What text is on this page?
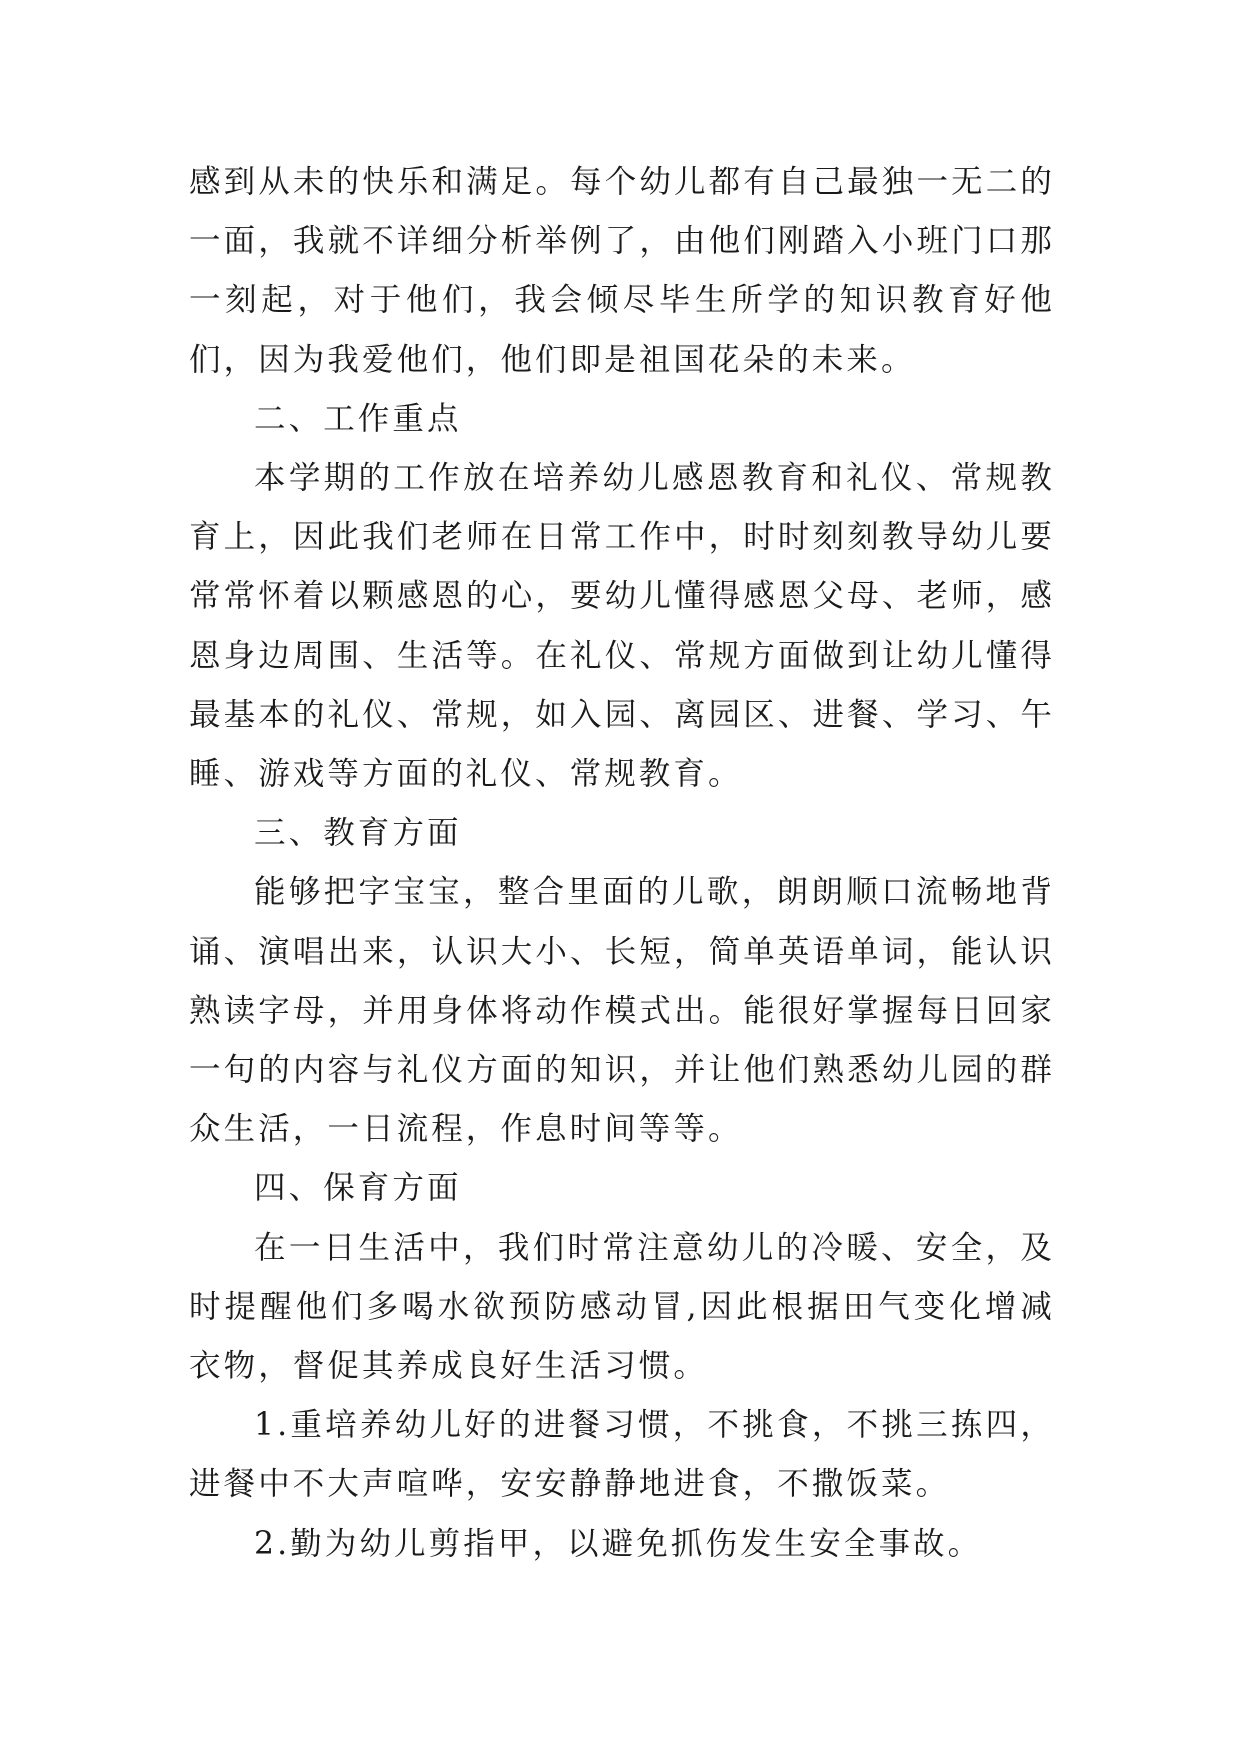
感到从未的快乐和满足。每个幼儿都有自己最独一无二的一面，我就不详细分析举例了，由他们刚踏入小班门口那一刻起，对于他们，我会倾尽毕生所学的知识教育好他们，因为我爱他们，他们即是祖国花朵的未来。

二、工作重点

本学期的工作放在培养幼儿感恩教育和礼仪、常规教育上，因此我们老师在日常工作中，时时刻刻教导幼儿要常常怀着以颗感恩的心，要幼儿懂得感恩父母、老师，感恩身边周围、生活等。在礼仪、常规方面做到让幼儿懂得最基本的礼仪、常规，如入园、离园区、进餐、学习、午睡、游戏等方面的礼仪、常规教育。

三、教育方面

能够把字宝宝，整合里面的儿歌，朗朗顺口流畅地背诵、演唱出来，认识大小、长短，简单英语单词，能认识熟读字母，并用身体将动作模式出。能很好掌握每日回家一句的内容与礼仪方面的知识，并让他们熟悉幼儿园的群众生活，一日流程，作息时间等等。

四、保育方面

在一日生活中，我们时常注意幼儿的冷暖、安全，及时提醒他们多喝水欲预防感动冒,因此根据田气变化增减衣物，督促其养成良好生活习惯。

1.重培养幼儿好的进餐习惯，不挑食，不挑三拣四，进餐中不大声喧哗，安安静静地进食，不撒饭菜。

2.勤为幼儿剪指甲，以避免抓伤发生安全事故。
